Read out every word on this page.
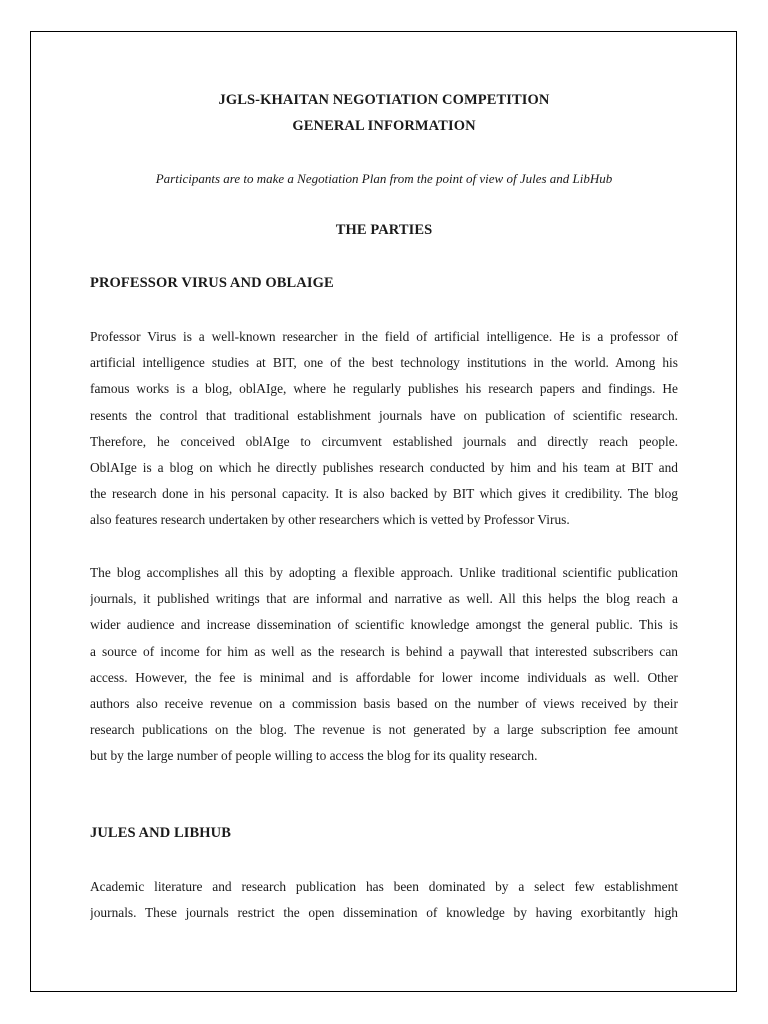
JGLS-KHAITAN NEGOTIATION COMPETITION
GENERAL INFORMATION
Participants are to make a Negotiation Plan from the point of view of Jules and LibHub
THE PARTIES
PROFESSOR VIRUS AND OBLAIGE
Professor Virus is a well-known researcher in the field of artificial intelligence. He is a professor of
artificial intelligence studies at BIT, one of the best technology institutions in the world. Among his
famous works is a blog, oblAIge, where he regularly publishes his research papers and findings. He
resents the control that traditional establishment journals have on publication of scientific research.
Therefore, he conceived oblAIge to circumvent established journals and directly reach people.
OblAIge is a blog on which he directly publishes research conducted by him and his team at BIT and
the research done in his personal capacity. It is also backed by BIT which gives it credibility. The blog
also features research undertaken by other researchers which is vetted by Professor Virus.
The blog accomplishes all this by adopting a flexible approach. Unlike traditional scientific publication
journals, it published writings that are informal and narrative as well. All this helps the blog reach a
wider audience and increase dissemination of scientific knowledge amongst the general public. This is
a source of income for him as well as the research is behind a paywall that interested subscribers can
access. However, the fee is minimal and is affordable for lower income individuals as well. Other
authors also receive revenue on a commission basis based on the number of views received by their
research publications on the blog. The revenue is not generated by a large subscription fee amount
but by the large number of people willing to access the blog for its quality research.
JULES AND LIBHUB
Academic literature and research publication has been dominated by a select few establishment
journals. These journals restrict the open dissemination of knowledge by having exorbitantly high
